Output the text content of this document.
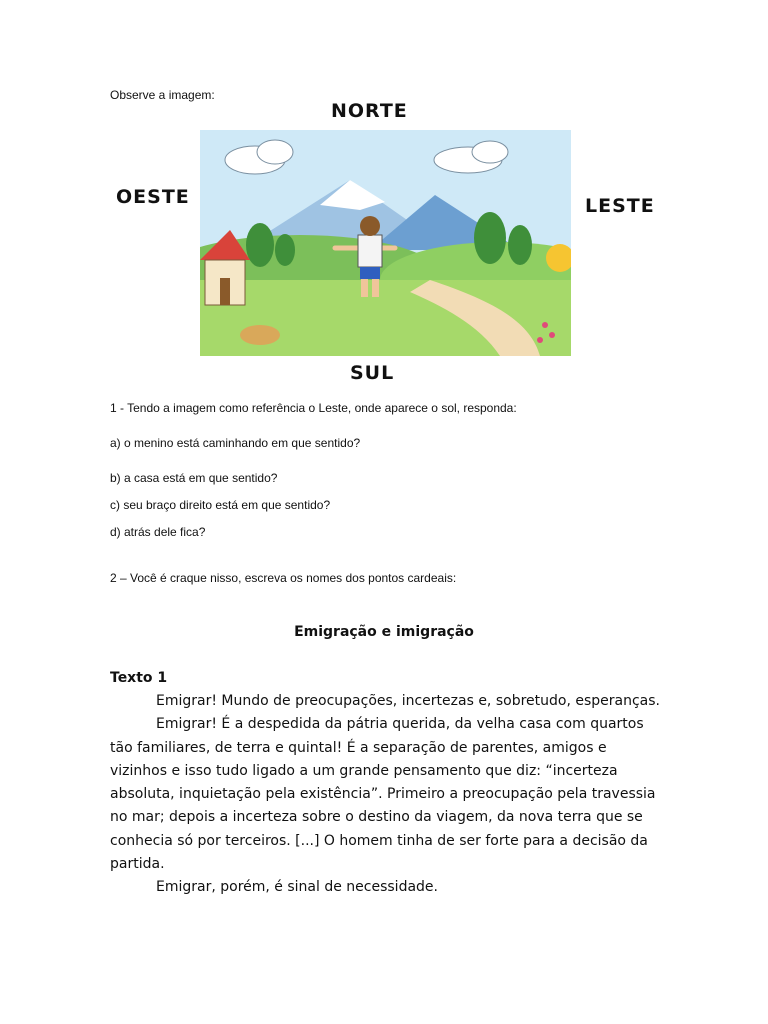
Observe a imagem:
NORTE
OESTE	LESTE
SUL
1 - Tendo a imagem como referência o Leste, onde aparece o sol, responda:
a) o menino está caminhando em que sentido?
b) a casa está em que sentido?
c) seu braço direito está em que sentido?
d) atrás dele fica?
2 – Você é craque nisso, escreva os nomes dos pontos cardeais:
Emigração e imigração
Texto 1

Emigrar! Mundo de preocupações, incertezas e, sobretudo, esperanças.

Emigrar! É a despedida da pátria querida, da velha casa com quartos tão familiares, de terra e quintal! É a separação de parentes, amigos e vizinhos e isso tudo ligado a um grande pensamento que diz: “incerteza absoluta, inquietação pela existência”. Primeiro a preocupação pela travessia no mar; depois a incerteza sobre o destino da viagem, da nova terra que se conhecia só por terceiros. [...] O homem tinha de ser forte para a decisão da partida.

Emigrar, porém, é sinal de necessidade.
